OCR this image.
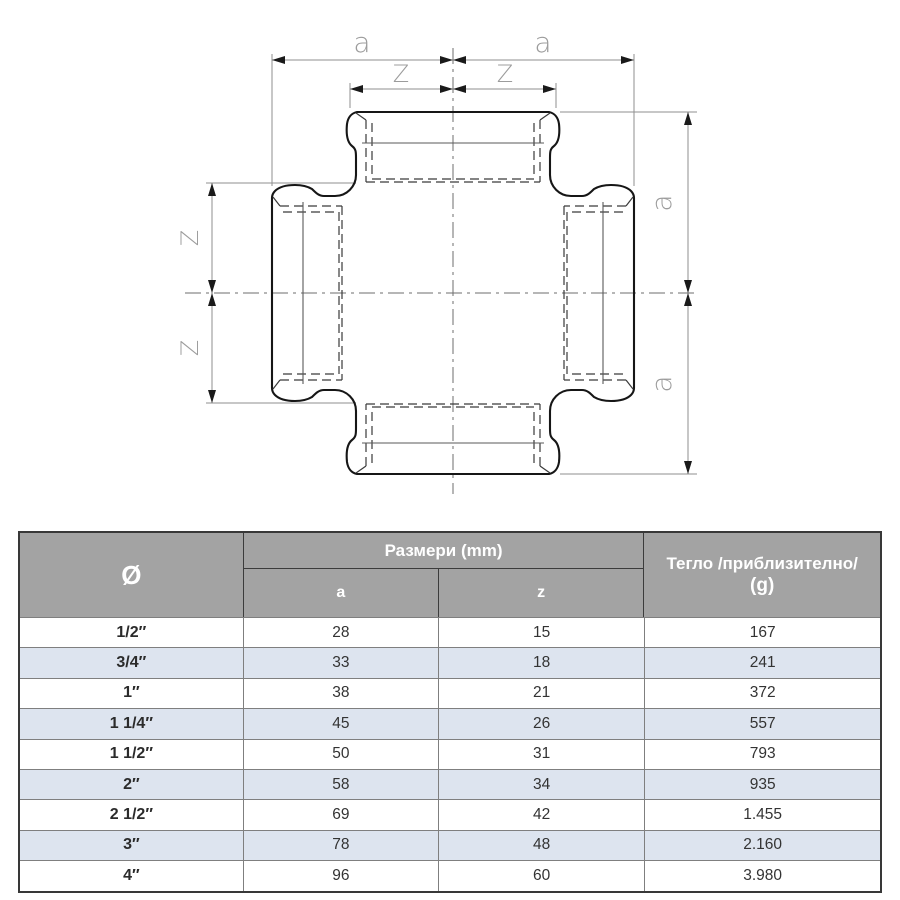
a	a
Z	Z
Z
Z
a
a
Ø
Размери (mm)
a	z
Тегло /приблизително/
(g)
1/2″	28	15	167
3/4″	33	18	241
1″	38	21	372
1 1/4″	45	26	557
1 1/2″	50	31	793
2″	58	34	935
2 1/2″	69	42	1.455
3″	78	48	2.160
4″	96	60	3.980
